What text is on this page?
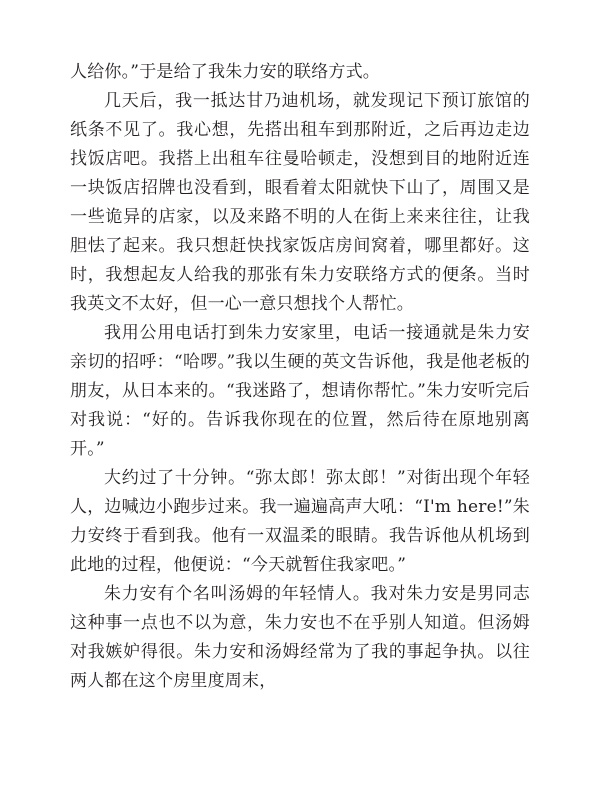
人给你。”于是给了我朱力安的联络方式。

几天后，我一抵达甘乃迪机场，就发现记下预订旅馆的纸条不见了。我心想，先搭出租车到那附近，之后再边走边找饭店吧。我搭上出租车往曼哈顿走，没想到目的地附近连一块饭店招牌也没看到，眼看着太阳就快下山了，周围又是一些诡异的店家，以及来路不明的人在街上来来往往，让我胆怯了起来。我只想赶快找家饭店房间窝着，哪里都好。这时，我想起友人给我的那张有朱力安联络方式的便条。当时我英文不太好，但一心一意只想找个人帮忙。

我用公用电话打到朱力安家里，电话一接通就是朱力安亲切的招呼：“哈啰。”我以生硬的英文告诉他，我是他老板的朋友，从日本来的。“我迷路了，想请你帮忙。”朱力安听完后对我说：“好的。告诉我你现在的位置，然后待在原地别离开。”

大约过了十分钟。“弥太郎！弥太郎！”对街出现个年轻人，边喊边小跑步过来。我一遍遍高声大吼：“I'm here!”朱力安终于看到我。他有一双温柔的眼睛。我告诉他从机场到此地的过程，他便说：“今天就暂住我家吧。”

朱力安有个名叫汤姆的年轻情人。我对朱力安是男同志这种事一点也不以为意，朱力安也不在乎别人知道。但汤姆对我嫉妒得很。朱力安和汤姆经常为了我的事起争执。以往两人都在这个房里度周末，
